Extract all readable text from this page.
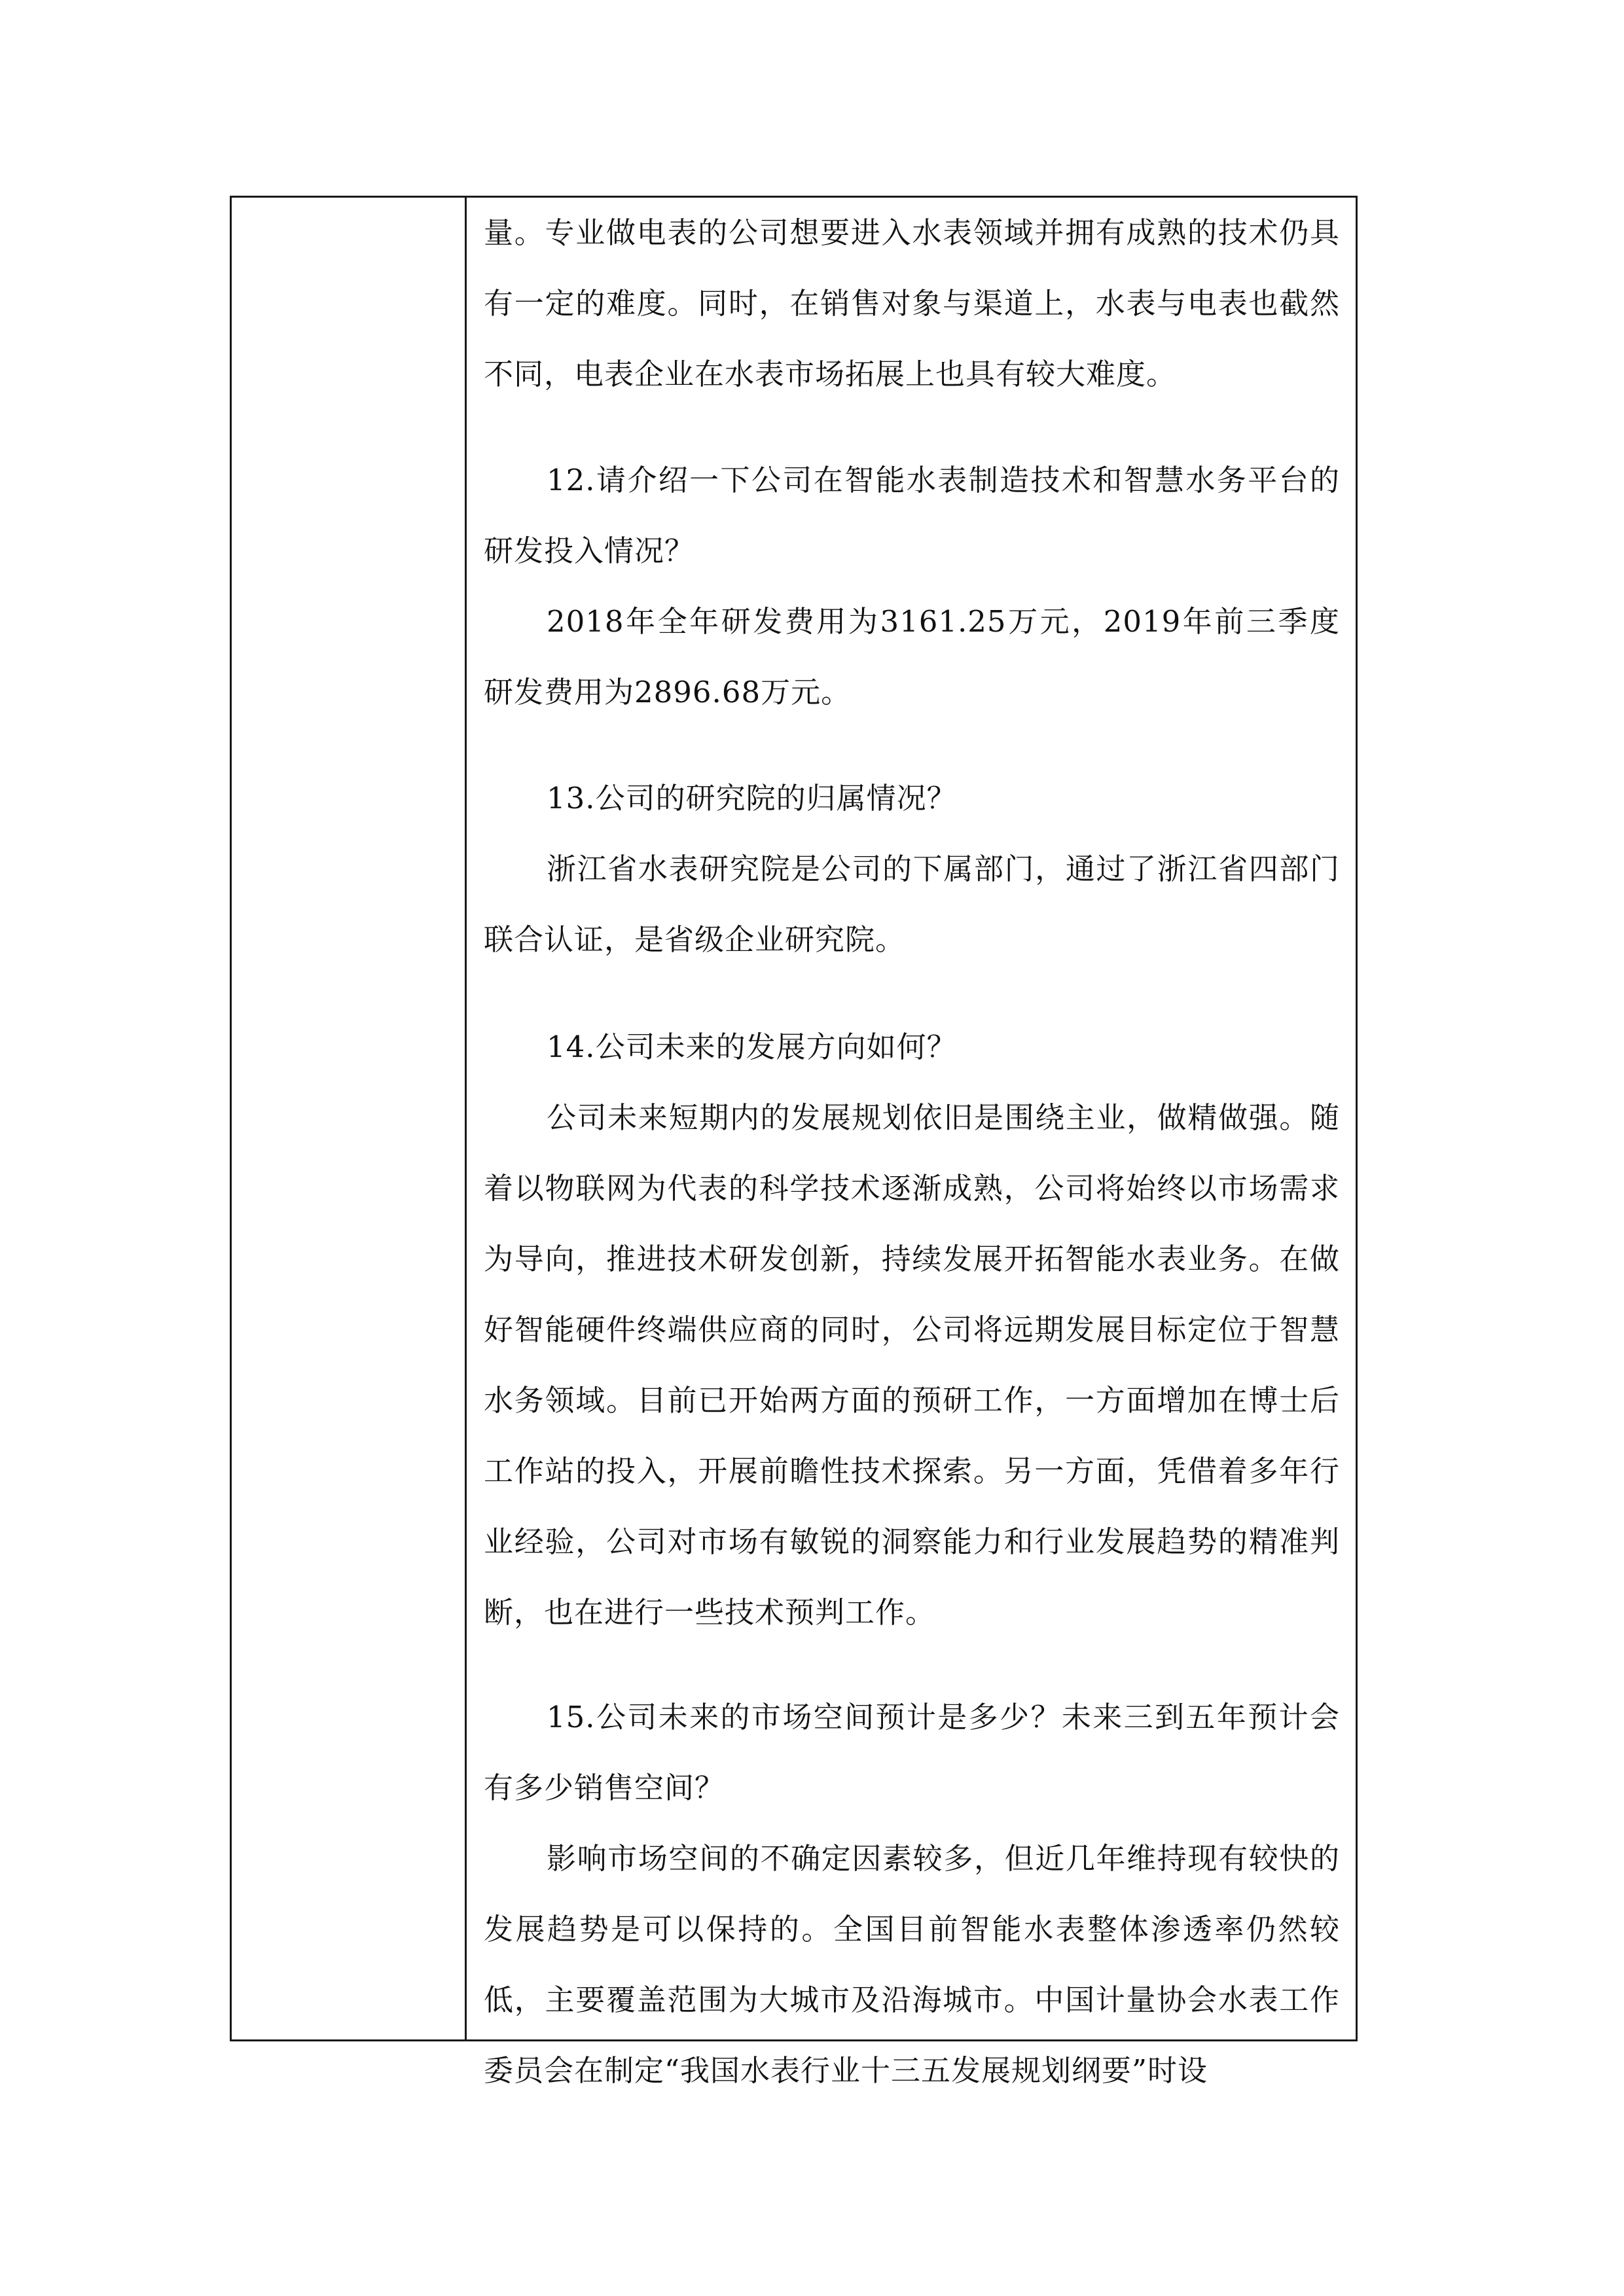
量。专业做电表的公司想要进入水表领域并拥有成熟的技术仍具有一定的难度。同时，在销售对象与渠道上，水表与电表也截然不同，电表企业在水表市场拓展上也具有较大难度。

12.请介绍一下公司在智能水表制造技术和智慧水务平台的研发投入情况？

2018年全年研发费用为3161.25万元，2019年前三季度研发费用为2896.68万元。

13.公司的研究院的归属情况？

浙江省水表研究院是公司的下属部门，通过了浙江省四部门联合认证，是省级企业研究院。

14.公司未来的发展方向如何？

公司未来短期内的发展规划依旧是围绕主业，做精做强。随着以物联网为代表的科学技术逐渐成熟，公司将始终以市场需求为导向，推进技术研发创新，持续发展开拓智能水表业务。在做好智能硬件终端供应商的同时，公司将远期发展目标定位于智慧水务领域。目前已开始两方面的预研工作，一方面增加在博士后工作站的投入，开展前瞻性技术探索。另一方面，凭借着多年行业经验，公司对市场有敏锐的洞察能力和行业发展趋势的精准判断，也在进行一些技术预判工作。

15.公司未来的市场空间预计是多少？未来三到五年预计会有多少销售空间？

影响市场空间的不确定因素较多，但近几年维持现有较快的发展趋势是可以保持的。全国目前智能水表整体渗透率仍然较低，主要覆盖范围为大城市及沿海城市。中国计量协会水表工作委员会在制定“我国水表行业十三五发展规划纲要”时设
